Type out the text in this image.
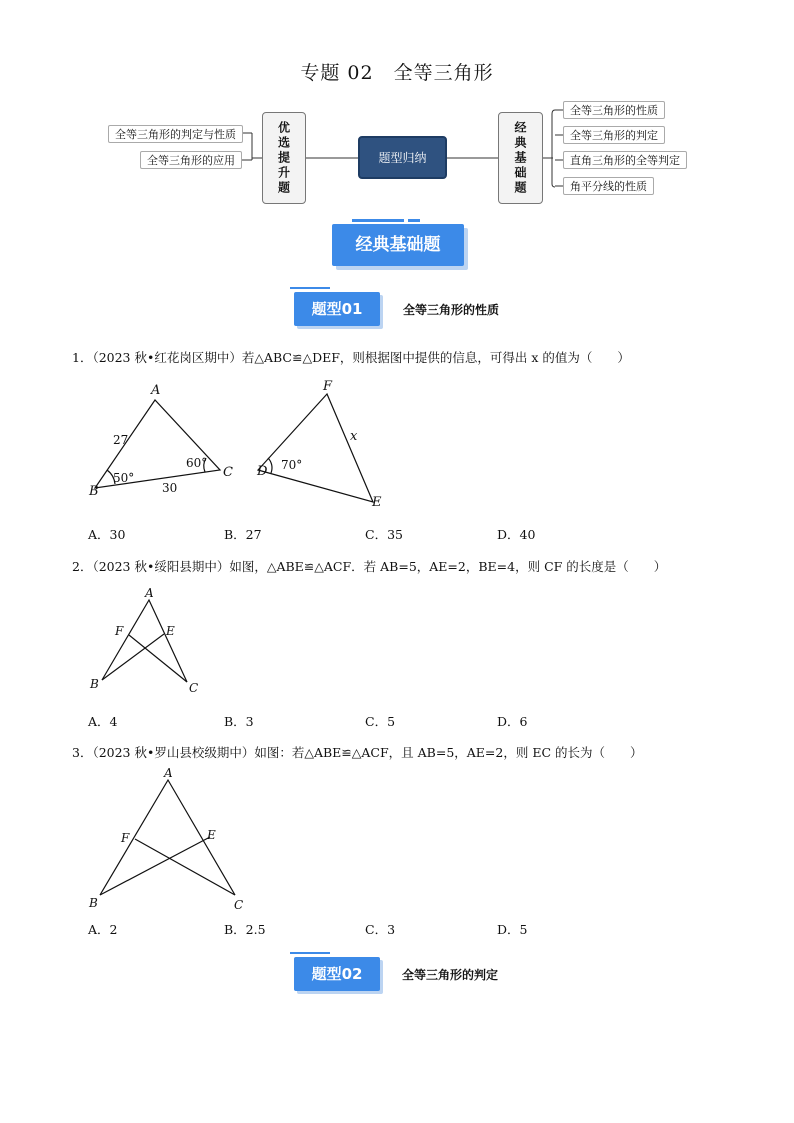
专题 02　全等三角形
全等三角形的判定与性质
全等三角形的应用	优选提升题	题型归纳	经典基础题
全等三角形的性质
全等三角形的判定
直角三角形的全等判定
角平分线的性质
经典基础题
题型01	全等三角形的性质
1．（2023 秋•红花岗区期中）若△ABC≌△DEF，则根据图中提供的信息，可得出 x 的值为（　　）
A
B
C
F
D
E
x
27
30
50°
60°	70°
A．30	B．27	C．35	D．40
2．（2023 秋•绥阳县期中）如图，△ABE≌△ACF．若 AB=5，AE=2，BE=4，则 CF 的长度是（　　）
A
F	E
B	C
A．4	B．3	C．5	D．6
3．（2023 秋•罗山县校级期中）如图：若△ABE≌△ACF，且 AB=5，AE=2，则 EC 的长为（　　）
A
F	E
B	C
A．2	B．2.5	C．3	D．5
题型02	全等三角形的判定
